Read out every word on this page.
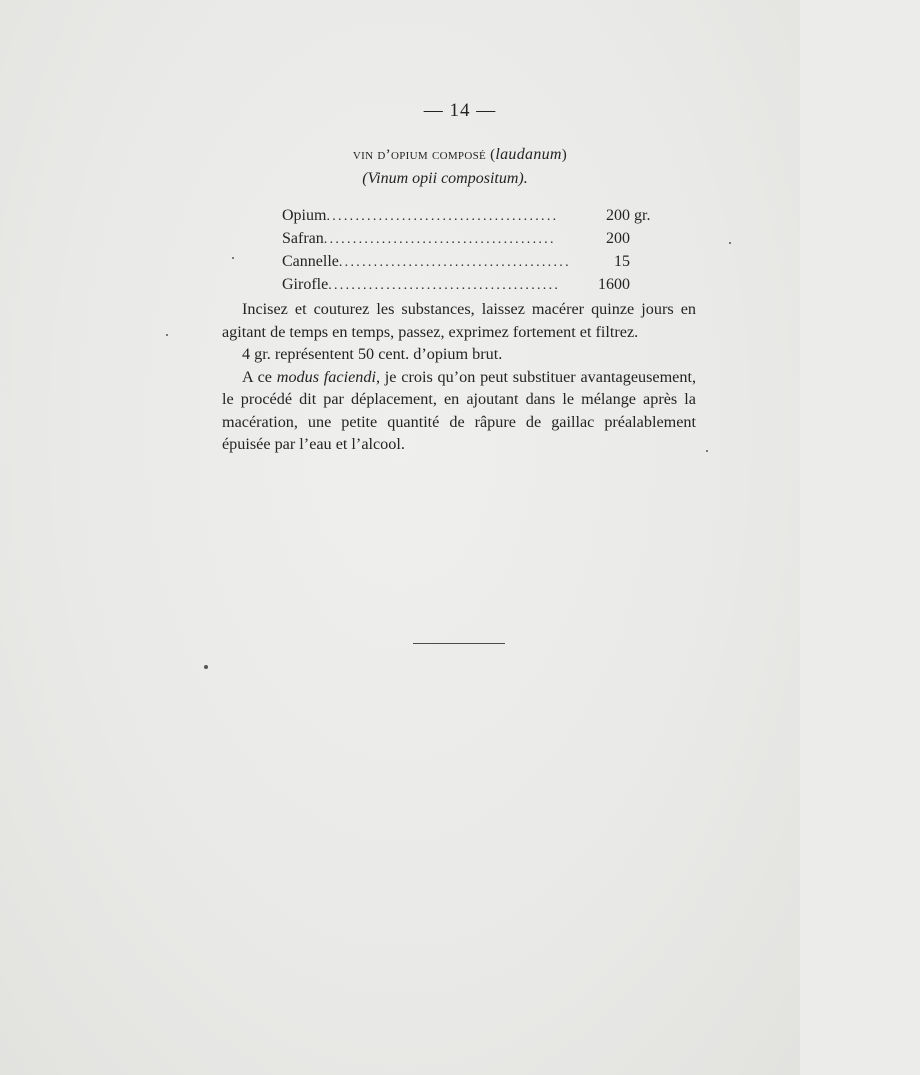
— 14 —
vin d’opium composé (laudanum)
(Vinum opii compositum).
Opium ........................................	200 gr.
Safran ........................................	200
Cannelle ........................................	15
Girofle ........................................	1600

Incisez et couturez les substances, laissez macérer quinze jours en agitant de temps en temps, passez, exprimez fortement et filtrez.

4 gr. représentent 50 cent. d’opium brut.

A ce modus faciendi, je crois qu’on peut substituer avantageusement, le procédé dit par déplacement, en ajoutant dans le mélange après la macération, une petite quantité de râpure de gaillac préalablement épuisée par l’eau et l’alcool.
